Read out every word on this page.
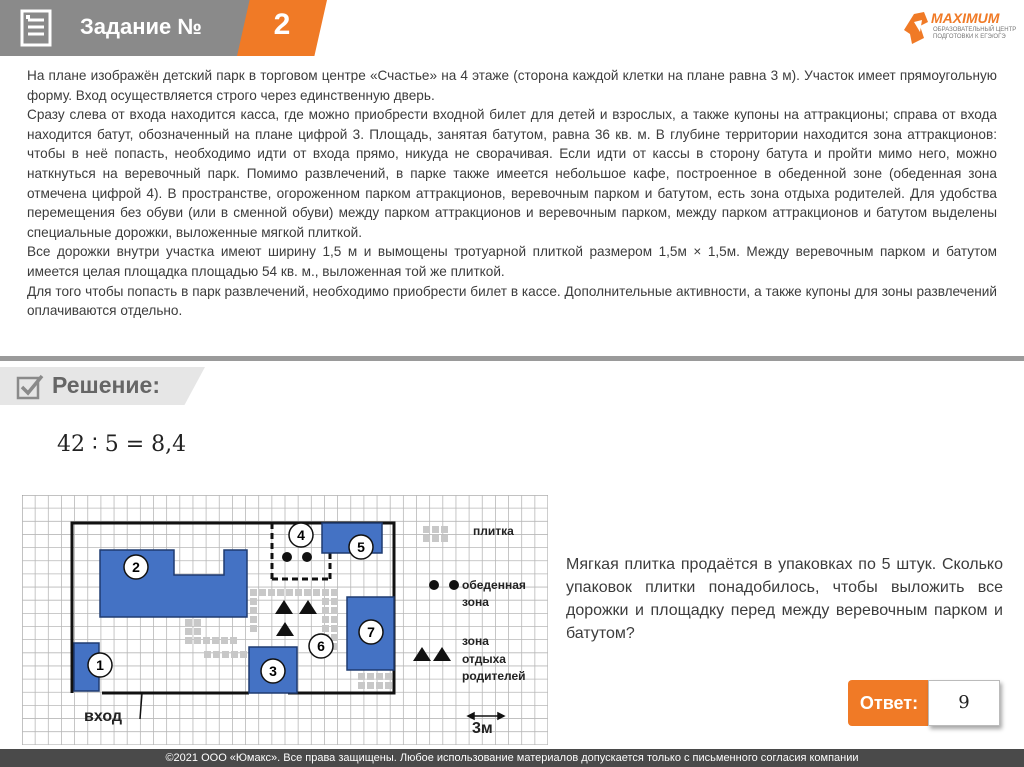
Задание №	2	MAXIMUM
ОБРАЗОВАТЕЛЬНЫЙ ЦЕНТР ПОДГОТОВКИ К ЕГЭ/ОГЭ

На плане изображён детский парк в торговом центре «Счастье» на 4 этаже (сторона каждой клетки на плане равна 3 м). Участок имеет прямоугольную форму. Вход осуществляется строго через единственную дверь.

Сразу слева от входа находится касса, где можно приобрести входной билет для детей и взрослых, а также купоны на аттракционы; справа от входа находится батут, обозначенный на плане цифрой 3. Площадь, занятая батутом, равна 36 кв. м. В глубине территории находится зона аттракционов: чтобы в неё попасть, необходимо идти от входа прямо, никуда не сворачивая. Если идти от кассы в сторону батута и пройти мимо него, можно наткнуться на веревочный парк. Помимо развлечений, в парке также имеется небольшое кафе, построенное в обеденной зоне (обеденная зона отмечена цифрой 4). В пространстве, огороженном парком аттракционов, веревочным парком и батутом, есть зона отдыха родителей. Для удобства перемещения без обуви (или в сменной обуви) между парком аттракционов и веревочным парком, между парком аттракционов и батутом выделены специальные дорожки, выложенные мягкой плиткой.

Все дорожки внутри участка имеют ширину 1,5 м и вымощены тротуарной плиткой размером 1,5м × 1,5м. Между веревочным парком и батутом имеется целая площадка площадью 54 кв. м., выложенная той же плиткой.

Для того чтобы попасть в парк развлечений, необходимо приобрести билет в кассе. Дополнительные активности, а также купоны для зоны развлечений оплачиваются отдельно.

Решение:
42 ∶ 5 = 8,4
1
2
3
4
5
6
7
плитка
обеденная
зона
зона
отдыха
родителей
вход
3м
Мягкая плитка продаётся в упаковках по 5 штук. Сколько упаковок плитки понадобилось, чтобы выложить все дорожки и площадку перед между веревочным парком и батутом?
Ответ:	9
©2021 ООО «Юмакс». Все права защищены. Любое использование материалов допускается только с письменного согласия компании
